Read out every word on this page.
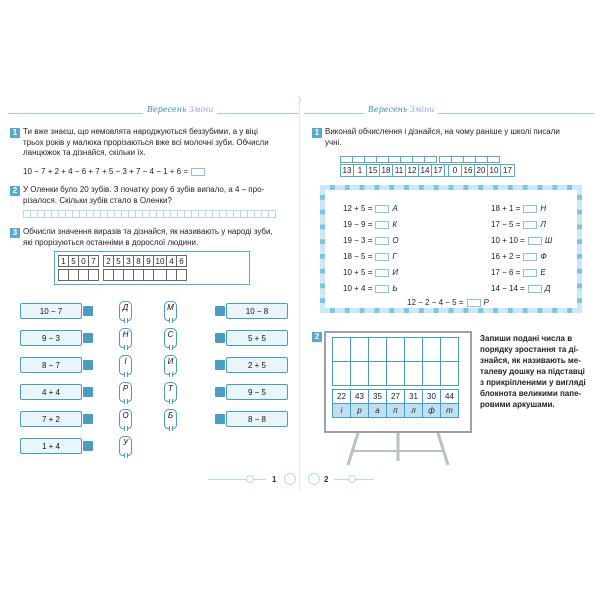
Вересень Зміни
1 Ти вже знаєш, що немовлята народжуються беззубими, а у віці
трьох років у малюка прорізаються вже всі молочні зуби. Обчисли
ланцюжок та дізнайся, скільки їх.
10 − 7 + 2 + 4 − 6 + 7 + 5 − 3 + 7 − 4 − 1 + 6 =
2 У Оленки було 20 зубів. З початку року 6 зубів випало, а 4 – про-
різалося. Скільки зубів стало в Оленки?
3 Обчисли значення виразів та дізнайся, як називають у народі зуби,
які прорізуються останніми в дорослої людини.
1 5 0 7	2 5 3 8 9 10 4 6
10 − 7
9 − 3
8 − 7
4 + 4
7 + 2
1 + 4
Д
Н
І
Р
О
У
М
С
И
Т
Б
10 − 8
5 + 5
2 + 5
9 − 5
8 − 8
1
Вересень Зміни
1 Виконай обчислення і дізнайся, на чому раніше у школі писали
учні.
13 1 15 18 11 12 14 17	0 16 20 10 17
12 + 5 =	А
19 − 9 =	К
19 − 3 =	О
18 − 5 =	Г
10 + 5 =	И
10 + 4 =	Ь
18 + 1 =	Н
17 − 5 =	Л
10 + 10 =	Ш
16 + 2 =	Ф
17 − 6 =	Е
14 − 14 =	Д
12 − 2 − 4 − 5 =	Р
2
22	43	35	27	31	30	44
і	р	а	п	л	ф	т
Запиши подані числа в
порядку зростання та ді-
знайся, як називають ме-
талеву дошку на підставці
з прикріпленими у вигляді
блокнота великими папе-
ровими аркушами.
2
